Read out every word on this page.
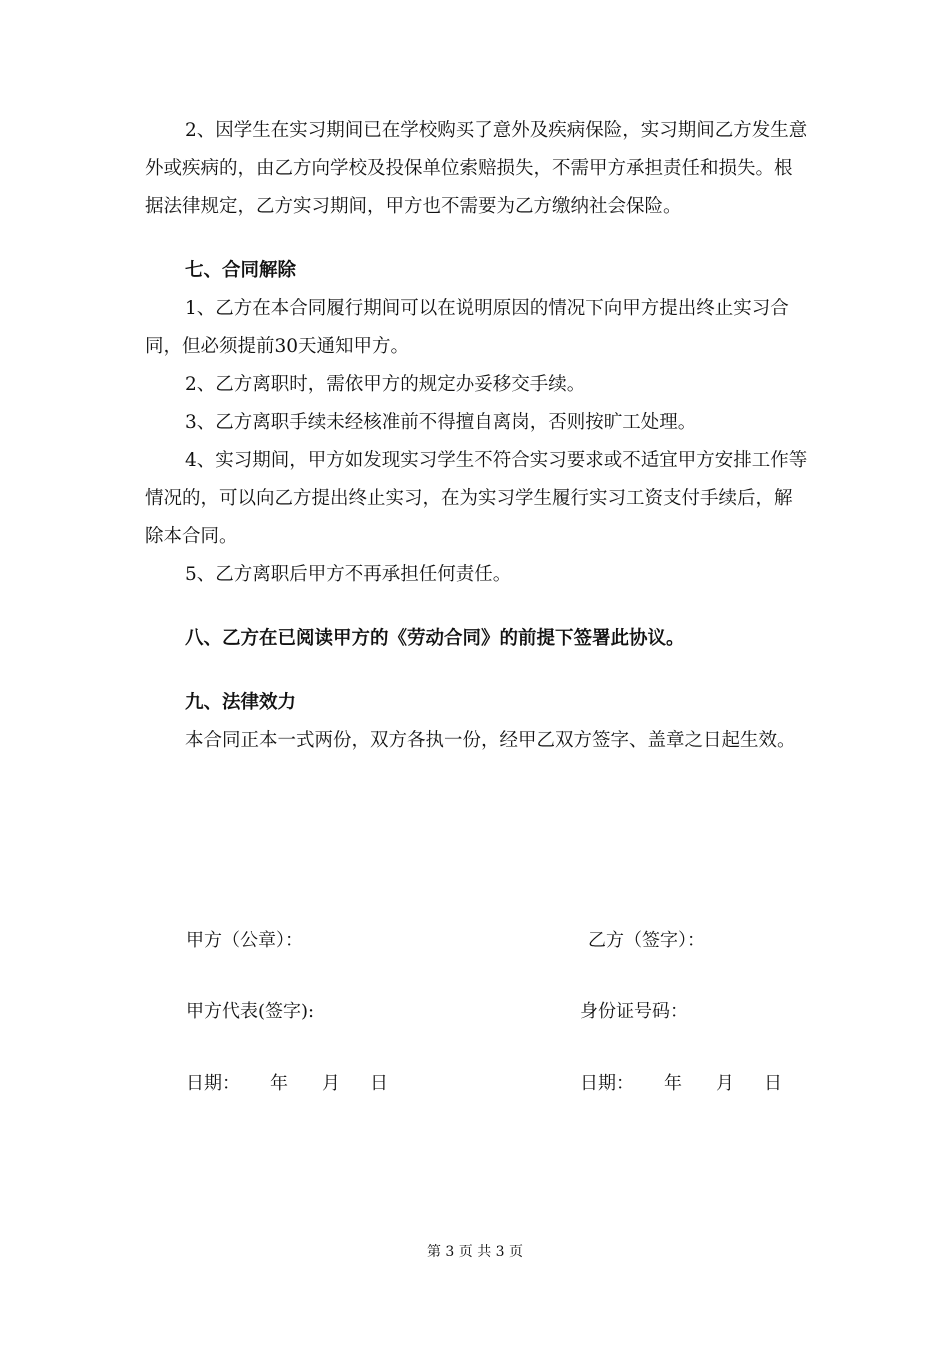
2、因学生在实习期间已在学校购买了意外及疾病保险，实习期间乙方发生意外或疾病的，由乙方向学校及投保单位索赔损失，不需甲方承担责任和损失。根据法律规定，乙方实习期间，甲方也不需要为乙方缴纳社会保险。

七、合同解除

1、乙方在本合同履行期间可以在说明原因的情况下向甲方提出终止实习合同，但必须提前30天通知甲方。

2、乙方离职时，需依甲方的规定办妥移交手续。

3、乙方离职手续未经核准前不得擅自离岗，否则按旷工处理。

4、实习期间，甲方如发现实习学生不符合实习要求或不适宜甲方安排工作等情况的，可以向乙方提出终止实习，在为实习学生履行实习工资支付手续后，解除本合同。

5、乙方离职后甲方不再承担任何责任。

八、乙方在已阅读甲方的《劳动合同》的前提下签署此协议。

九、法律效力

本合同正本一式两份，双方各执一份，经甲乙双方签字、盖章之日起生效。

甲方（公章）：	乙方（签字）：
甲方代表(签字):	身份证号码：
日期： 年 月 日	日期： 年 月 日
第 3 页 共 3 页
